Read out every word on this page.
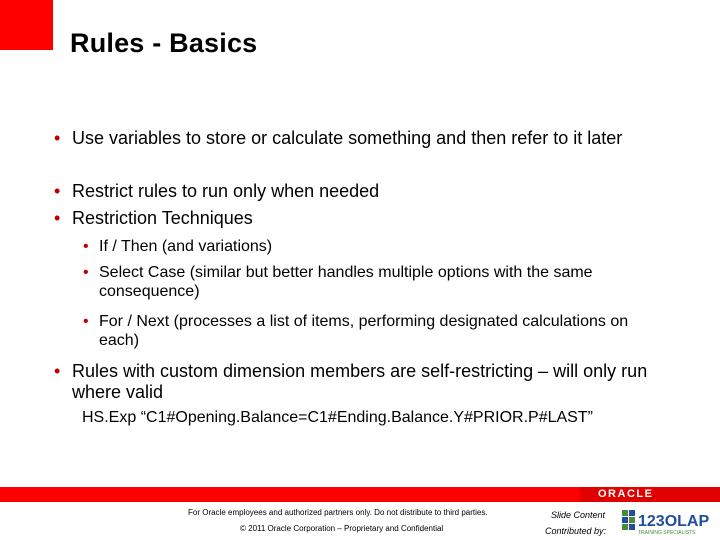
Rules - Basics
• Use variables to store or calculate something and then refer to it later
• Restrict rules to run only when needed
• Restriction Techniques
• If / Then (and variations)
• Select Case (similar but better handles multiple options with the same consequence)
• For / Next (processes a list of items, performing designated calculations on each)
• Rules with custom dimension members are self-restricting – will only run where valid
HS.Exp “C1#Opening.Balance=C1#Ending.Balance.Y#PRIOR.P#LAST”
ORACLE
For Oracle employees and authorized partners only. Do not distribute to third parties.
© 2011 Oracle Corporation – Proprietary and Confidential
Slide Content
Contributed by:
123OLAP
TRAINING SPECIALISTS
